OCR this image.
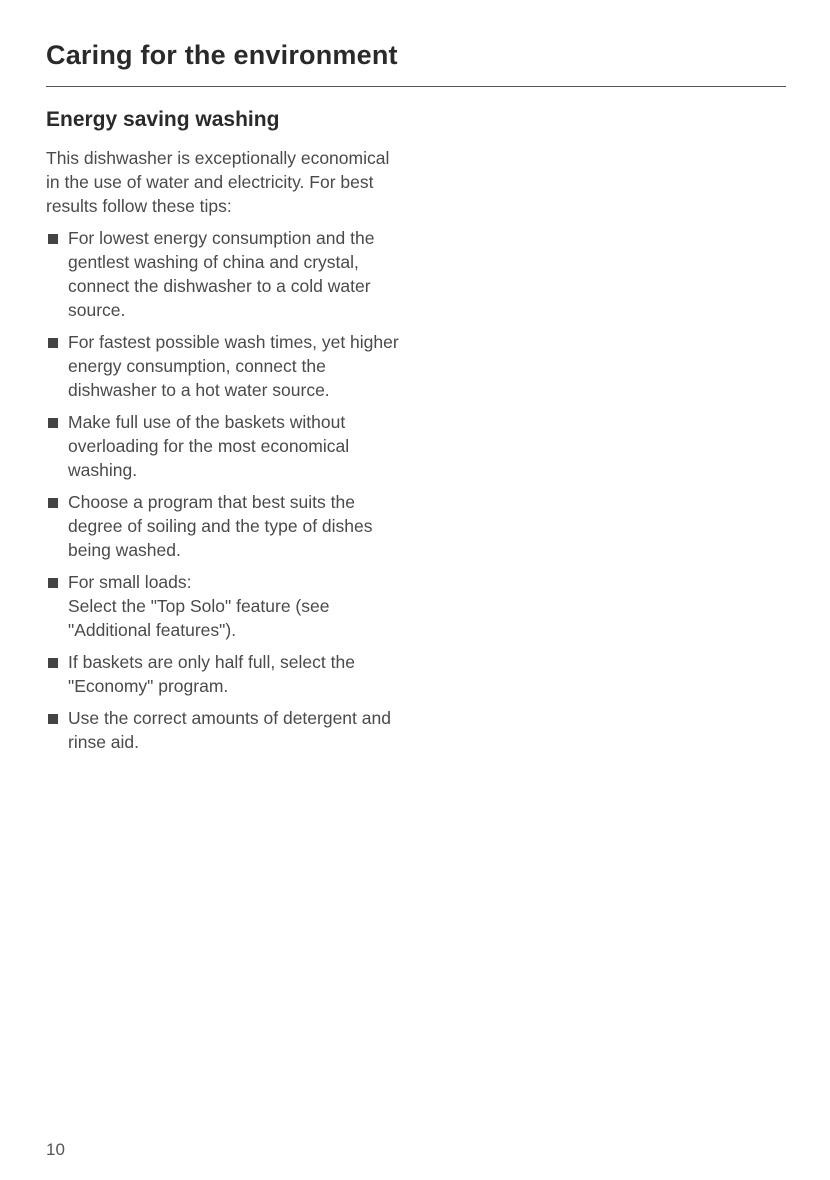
Caring for the environment
Energy saving washing

This dishwasher is exceptionally economical in the use of water and electricity. For best results follow these tips:

For lowest energy consumption and the gentlest washing of china and crystal, connect the dishwasher to a cold water source.
For fastest possible wash times, yet higher energy consumption, connect the dishwasher to a hot water source.
Make full use of the baskets without overloading for the most economical washing.
Choose a program that best suits the degree of soiling and the type of dishes being washed.
For small loads:
Select the "Top Solo" feature (see "Additional features").
If baskets are only half full, select the "Economy" program.
Use the correct amounts of detergent and rinse aid.
10
